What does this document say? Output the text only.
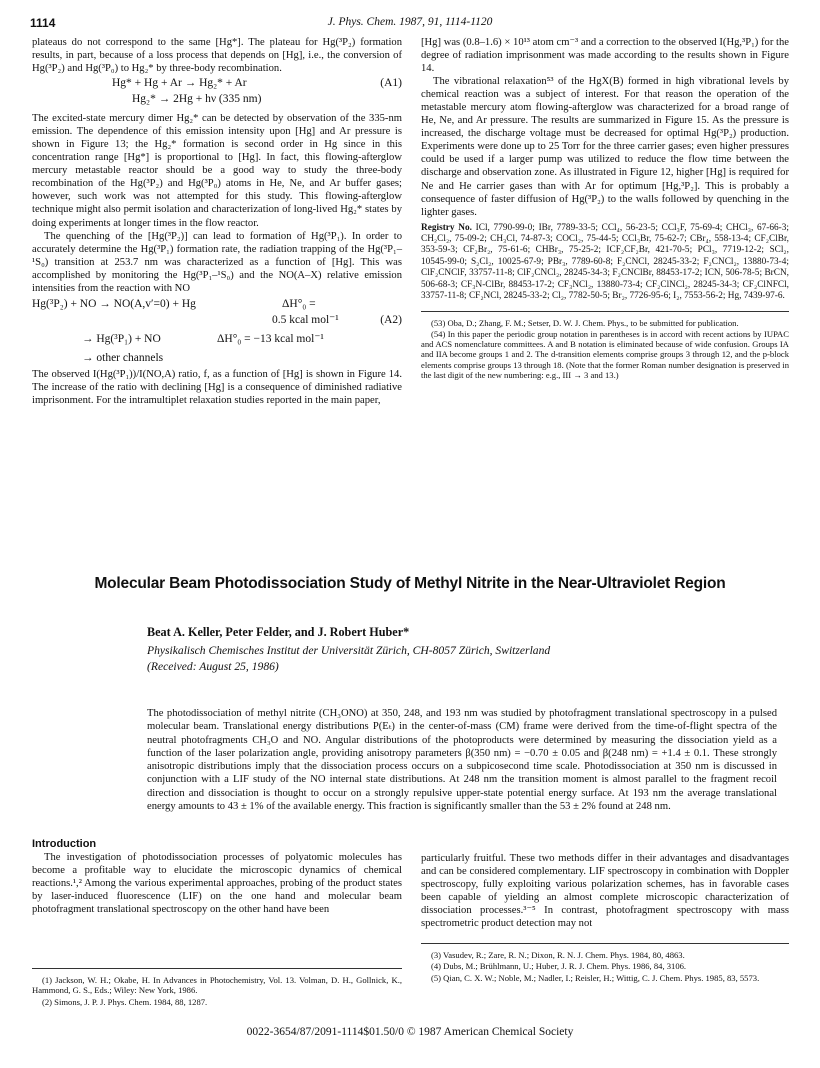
1114	J. Phys. Chem. 1987, 91, 1114-1120

plateaus do not correspond to the same [Hg*]. The plateau for Hg(³P₂) formation results, in part, because of a loss process that depends on [Hg], i.e., the conversion of Hg(³P₂) and Hg(³P₀) to Hg₂* by three-body recombination.

Hg* + Hg + Ar → Hg₂* + Ar	(A1)
Hg₂* → 2Hg + hν (335 nm)

The excited-state mercury dimer Hg₂* can be detected by observation of the 335-nm emission. The dependence of this emission intensity upon [Hg] and Ar pressure is shown in Figure 13; the Hg₂* formation is second order in Hg since in this concentration range [Hg*] is proportional to [Hg]. In fact, this flowing-afterglow mercury metastable reactor should be a good way to study the three-body recombination of the Hg(³P₂) and Hg(³P₀) atoms in He, Ne, and Ar buffer gases; however, such work was not attempted for this study. This flowing-afterglow technique might also permit isolation and characterization of long-lived Hg₂* states by doing experiments at longer times in the flow reactor.

The quenching of the [Hg(³P₂)] can lead to formation of Hg(³P₁). In order to accurately determine the Hg(³P₁) formation rate, the radiation trapping of the Hg(³P₁–¹S₀) transition at 253.7 nm was characterized as a function of [Hg]. This was accomplished by monitoring the Hg(³P₁–¹S₀) and the NO(A–X) relative emission intensities from the reaction with NO

Hg(³P₂) + NO → NO(A,v′=0) + Hg	ΔH°₀ =
0.5 kcal mol⁻¹	(A2)
→ Hg(³P₁) + NO	ΔH°₀ = −13 kcal mol⁻¹
→ other channels

The observed I(Hg(³P₁))/I(NO,A) ratio, f, as a function of [Hg] is shown in Figure 14. The increase of the ratio with declining [Hg] is a consequence of diminished radiative imprisonment. For the intramultiplet relaxation studies reported in the main paper,

[Hg] was (0.8–1.6) × 10¹³ atom cm⁻³ and a correction to the observed I(Hg,³P₁) for the degree of radiation imprisonment was made according to the results shown in Figure 14.

The vibrational relaxation⁵³ of the HgX(B) formed in high vibrational levels by chemical reaction was a subject of interest. For that reason the operation of the metastable mercury atom flowing-afterglow was characterized for a broad range of He, Ne, and Ar pressure. The results are summarized in Figure 15. As the pressure is increased, the discharge voltage must be decreased for optimal Hg(³P₂) production. Experiments were done up to 25 Torr for the three carrier gases; even higher pressures could be used if a larger pump was utilized to reduce the flow time between the discharge and observation zone. As illustrated in Figure 12, higher [Hg] is required for Ne and He carrier gases than with Ar for optimum [Hg,³P₂]. This is probably a consequence of faster diffusion of Hg(³P₂) to the walls followed by quenching in the lighter gases.

Registry No. ICl, 7790-99-0; IBr, 7789-33-5; CCl₄, 56-23-5; CCl₃F, 75-69-4; CHCl₃, 67-66-3; CH₂Cl₂, 75-09-2; CH₃Cl, 74-87-3; COCl₂, 75-44-5; CCl₃Br, 75-62-7; CBr₄, 558-13-4; CF₂ClBr, 353-59-3; CF₂Br₂, 75-61-6; CHBr₃, 75-25-2; ICF₂CF₂Br, 421-70-5; PCl₃, 7719-12-2; SCl₂, 10545-99-0; S₂Cl₂, 10025-67-9; PBr₃, 7789-60-8; F₂CNCl, 28245-33-2; F₂CNCl₂, 13880-73-4; ClF₂CNClF, 33757-11-8; ClF₂CNCl₂, 28245-34-3; F₂CNClBr, 88453-17-2; ICN, 506-78-5; BrCN, 506-68-3; CF₃N-ClBr, 88453-17-2; CF₃NCl₂, 13880-73-4; CF₂ClNCl₂, 28245-34-3; CF₂ClNFCl, 33757-11-8; CF₂NCl, 28245-33-2; Cl₂, 7782-50-5; Br₂, 7726-95-6; I₂, 7553-56-2; Hg, 7439-97-6.

(53) Oba, D.; Zhang, F. M.; Setser, D. W. J. Chem. Phys., to be submitted for publication.

(54) In this paper the periodic group notation in parentheses is in accord with recent actions by IUPAC and ACS nomenclature committees. A and B notation is eliminated because of wide confusion. Groups IA and IIA become groups 1 and 2. The d-transition elements comprise groups 3 through 12, and the p-block elements comprise groups 13 through 18. (Note that the former Roman number designation is preserved in the last digit of the new numbering: e.g., III → 3 and 13.)

Molecular Beam Photodissociation Study of Methyl Nitrite in the Near-Ultraviolet Region
Beat A. Keller, Peter Felder, and J. Robert Huber*
Physikalisch Chemisches Institut der Universität Zürich, CH-8057 Zürich, Switzerland
(Received: August 25, 1986)
The photodissociation of methyl nitrite (CH₃ONO) at 350, 248, and 193 nm was studied by photofragment translational spectroscopy in a pulsed molecular beam. Translational energy distributions P(Eₜ) in the center-of-mass (CM) frame were derived from the time-of-flight spectra of the neutral photofragments CH₃O and NO. Angular distributions of the photoproducts were determined by measuring the dissociation yield as a function of the laser polarization angle, providing anisotropy parameters β(350 nm) = −0.70 ± 0.05 and β(248 nm) = +1.4 ± 0.1. These strongly anisotropic distributions imply that the dissociation process occurs on a subpicosecond time scale. Photodissociation at 350 nm is discussed in conjunction with a LIF study of the NO internal state distributions. At 248 nm the transition moment is almost parallel to the fragment recoil direction and dissociation is thought to occur on a strongly repulsive upper-state potential energy surface. At 193 nm the average translational energy amounts to 43 ± 1% of the available energy. This fraction is significantly smaller than the 53 ± 2% found at 248 nm.
Introduction

The investigation of photodissociation processes of polyatomic molecules has become a profitable way to elucidate the microscopic dynamics of chemical reactions.¹,² Among the various experimental approaches, probing of the product states by laser-induced fluorescence (LIF) on the one hand and molecular beam photofragment translational spectroscopy on the other hand have been

(1) Jackson, W. H.; Okabe, H. In Advances in Photochemistry, Vol. 13. Volman, D. H., Gollnick, K., Hammond, G. S., Eds.; Wiley: New York, 1986.

(2) Simons, J. P. J. Phys. Chem. 1984, 88, 1287.

particularly fruitful. These two methods differ in their advantages and disadvantages and can be considered complementary. LIF spectroscopy in combination with Doppler spectroscopy, fully exploiting various polarization schemes, has in favorable cases been capable of yielding an almost complete microscopic characterization of dissociation processes.³⁻⁵ In contrast, photofragment spectroscopy with mass spectrometric product detection may not

(3) Vasudev, R.; Zare, R. N.; Dixon, R. N. J. Chem. Phys. 1984, 80, 4863.

(4) Dubs, M.; Brühlmann, U.; Huber, J. R. J. Chem. Phys. 1986, 84, 3106.

(5) Qian, C. X. W.; Noble, M.; Nadler, I.; Reisler, H.; Wittig, C. J. Chem. Phys. 1985, 83, 5573.

0022-3654/87/2091-1114$01.50/0 © 1987 American Chemical Society
